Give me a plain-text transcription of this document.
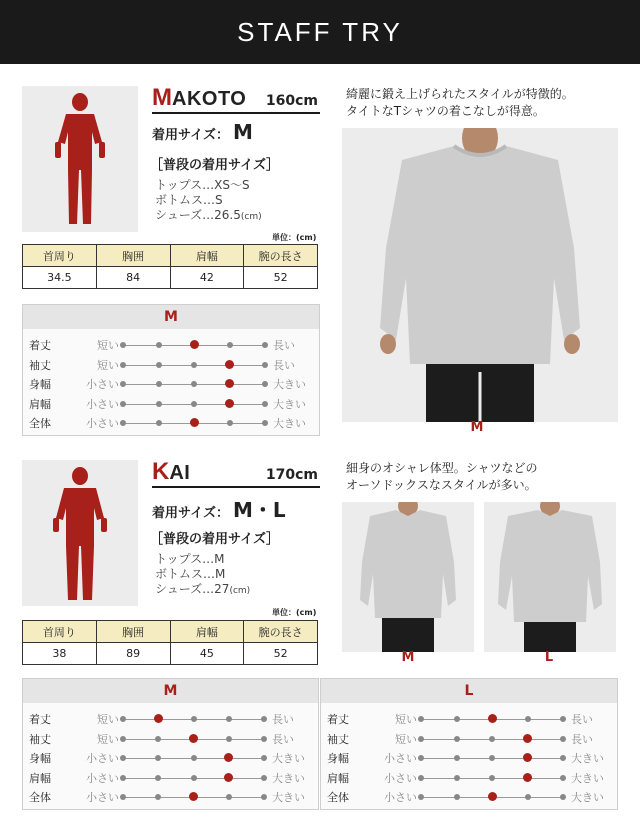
STAFF TRY
M AKOTO 160cm
着用サイズ： M
［普段の着用サイズ］
トップス…XS〜S
ボトムス…S
シューズ…26.5(cm)
単位：(cm)
首周り	胸囲	肩幅	腕の長さ
34.5	84	42	52
M
着丈	短い	長い
袖丈	短い	長い
身幅	小さい	大きい
肩幅	小さい	大きい
全体	小さい	大きい
綺麗に鍛え上げられたスタイルが特徴的。
タイトなTシャツの着こなしが得意。
M
K AI	170cm
着用サイズ： M・L
［普段の着用サイズ］
トップス…M
ボトムス…M
シューズ…27(cm)
単位：(cm)
首周り	胸囲	肩幅	腕の長さ
38	89	45	52
細身のオシャレ体型。シャツなどの
オーソドックスなスタイルが多い。
M	L
M
着丈	短い	長い
袖丈	短い	長い
身幅	小さい	大きい
肩幅	小さい	大きい
全体	小さい	大きい
L
着丈	短い	長い
袖丈	短い	長い
身幅	小さい	大きい
肩幅	小さい	大きい
全体	小さい	大きい
